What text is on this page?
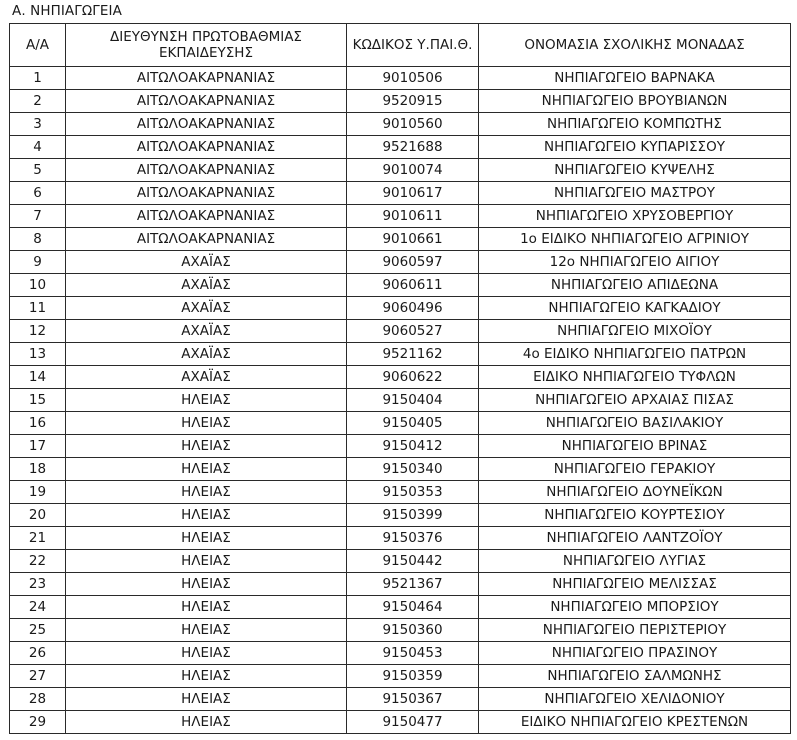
Α. ΝΗΠΙΑΓΩΓΕΙΑ
Α/Α	ΔΙΕΥΘΥΝΣΗ ΠΡΩΤΟΒΑΘΜΙΑΣ ΕΚΠΑΙΔΕΥΣΗΣ	ΚΩΔΙΚΟΣ Υ.ΠΑΙ.Θ.	ΟΝΟΜΑΣΙΑ ΣΧΟΛΙΚΗΣ ΜΟΝΑΔΑΣ
1	ΑΙΤΩΛΟΑΚΑΡΝΑΝΙΑΣ	9010506	ΝΗΠΙΑΓΩΓΕΙΟ ΒΑΡΝΑΚΑ
2	ΑΙΤΩΛΟΑΚΑΡΝΑΝΙΑΣ	9520915	ΝΗΠΙΑΓΩΓΕΙΟ ΒΡΟΥΒΙΑΝΩΝ
3	ΑΙΤΩΛΟΑΚΑΡΝΑΝΙΑΣ	9010560	ΝΗΠΙΑΓΩΓΕΙΟ ΚΟΜΠΩΤΗΣ
4	ΑΙΤΩΛΟΑΚΑΡΝΑΝΙΑΣ	9521688	ΝΗΠΙΑΓΩΓΕΙΟ ΚΥΠΑΡΙΣΣΟΥ
5	ΑΙΤΩΛΟΑΚΑΡΝΑΝΙΑΣ	9010074	ΝΗΠΙΑΓΩΓΕΙΟ ΚΥΨΕΛΗΣ
6	ΑΙΤΩΛΟΑΚΑΡΝΑΝΙΑΣ	9010617	ΝΗΠΙΑΓΩΓΕΙΟ ΜΑΣΤΡΟΥ
7	ΑΙΤΩΛΟΑΚΑΡΝΑΝΙΑΣ	9010611	ΝΗΠΙΑΓΩΓΕΙΟ ΧΡΥΣΟΒΕΡΓΙΟΥ
8	ΑΙΤΩΛΟΑΚΑΡΝΑΝΙΑΣ	9010661	1ο ΕΙΔΙΚΟ ΝΗΠΙΑΓΩΓΕΙΟ ΑΓΡΙΝΙΟΥ
9	ΑΧΑΪΑΣ	9060597	12ο ΝΗΠΙΑΓΩΓΕΙΟ ΑΙΓΙΟΥ
10	ΑΧΑΪΑΣ	9060611	ΝΗΠΙΑΓΩΓΕΙΟ ΑΠΙΔΕΩΝΑ
11	ΑΧΑΪΑΣ	9060496	ΝΗΠΙΑΓΩΓΕΙΟ ΚΑΓΚΑΔΙΟΥ
12	ΑΧΑΪΑΣ	9060527	ΝΗΠΙΑΓΩΓΕΙΟ ΜΙΧΟΪΟΥ
13	ΑΧΑΪΑΣ	9521162	4ο ΕΙΔΙΚΟ ΝΗΠΙΑΓΩΓΕΙΟ ΠΑΤΡΩΝ
14	ΑΧΑΪΑΣ	9060622	ΕΙΔΙΚΟ ΝΗΠΙΑΓΩΓΕΙΟ ΤΥΦΛΩΝ
15	ΗΛΕΙΑΣ	9150404	ΝΗΠΙΑΓΩΓΕΙΟ ΑΡΧΑΙΑΣ ΠΙΣΑΣ
16	ΗΛΕΙΑΣ	9150405	ΝΗΠΙΑΓΩΓΕΙΟ ΒΑΣΙΛΑΚΙΟΥ
17	ΗΛΕΙΑΣ	9150412	ΝΗΠΙΑΓΩΓΕΙΟ ΒΡΙΝΑΣ
18	ΗΛΕΙΑΣ	9150340	ΝΗΠΙΑΓΩΓΕΙΟ ΓΕΡΑΚΙΟΥ
19	ΗΛΕΙΑΣ	9150353	ΝΗΠΙΑΓΩΓΕΙΟ ΔΟΥΝΕΪΚΩΝ
20	ΗΛΕΙΑΣ	9150399	ΝΗΠΙΑΓΩΓΕΙΟ ΚΟΥΡΤΕΣΙΟΥ
21	ΗΛΕΙΑΣ	9150376	ΝΗΠΙΑΓΩΓΕΙΟ ΛΑΝΤΖΟΪΟΥ
22	ΗΛΕΙΑΣ	9150442	ΝΗΠΙΑΓΩΓΕΙΟ ΛΥΓΙΑΣ
23	ΗΛΕΙΑΣ	9521367	ΝΗΠΙΑΓΩΓΕΙΟ ΜΕΛΙΣΣΑΣ
24	ΗΛΕΙΑΣ	9150464	ΝΗΠΙΑΓΩΓΕΙΟ ΜΠΟΡΣΙΟΥ
25	ΗΛΕΙΑΣ	9150360	ΝΗΠΙΑΓΩΓΕΙΟ ΠΕΡΙΣΤΕΡΙΟΥ
26	ΗΛΕΙΑΣ	9150453	ΝΗΠΙΑΓΩΓΕΙΟ ΠΡΑΣΙΝΟΥ
27	ΗΛΕΙΑΣ	9150359	ΝΗΠΙΑΓΩΓΕΙΟ ΣΑΛΜΩΝΗΣ
28	ΗΛΕΙΑΣ	9150367	ΝΗΠΙΑΓΩΓΕΙΟ ΧΕΛΙΔΟΝΙΟΥ
29	ΗΛΕΙΑΣ	9150477	ΕΙΔΙΚΟ ΝΗΠΙΑΓΩΓΕΙΟ ΚΡΕΣΤΕΝΩΝ
